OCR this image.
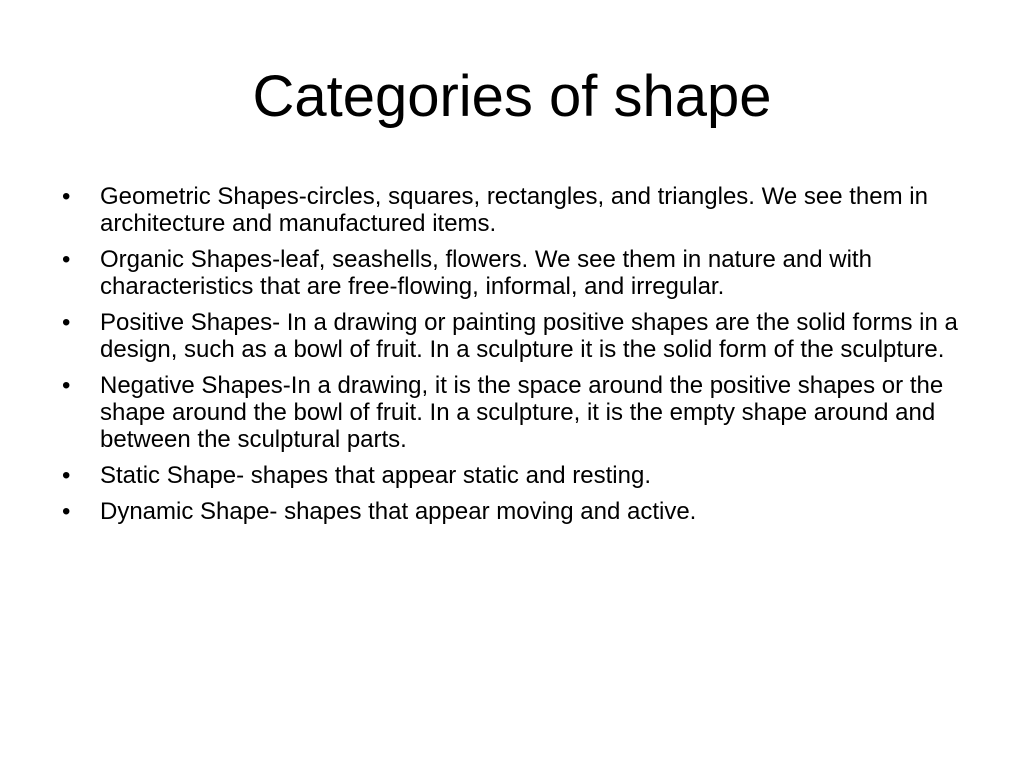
Categories of shape
•	Geometric Shapes-circles, squares, rectangles, and triangles. We see them in architecture and manufactured items.
•	Organic Shapes-leaf, seashells, flowers. We see them in nature and with characteristics that are free-flowing, informal, and irregular.
•	Positive Shapes- In a drawing or painting positive shapes are the solid forms in a design, such as a bowl of fruit. In a sculpture it is the solid form of the sculpture.
•	Negative Shapes-In a drawing, it is the space around the positive shapes or the shape around the bowl of fruit. In a sculpture, it is the empty shape around and between the sculptural parts.
•	Static Shape- shapes that appear static and resting.
•	Dynamic Shape- shapes that appear moving and active.
